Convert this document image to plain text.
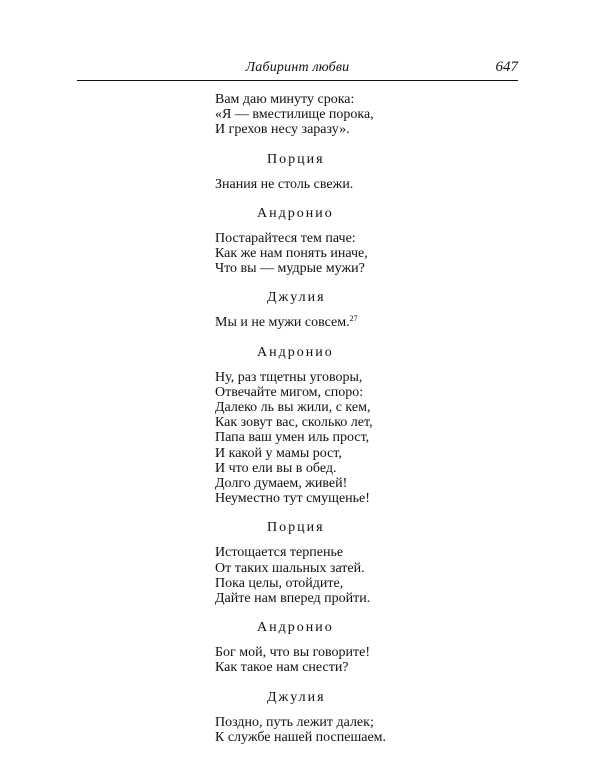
Лабиринт любви	647
Вам даю минуту срока:
«Я — вместилище порока,
И грехов несу заразу».
Порция
Знания не столь свежи.
Андронио
Постарайтеся тем паче:
Как же нам понять иначе,
Что вы — мудрые мужи?
Джулия
Мы и не мужи совсем.$^{27}$
Андронио
Ну, раз тщетны уговоры,
Отвечайте мигом, споро:
Далеко ль вы жили, с кем,
Как зовут вас, сколько лет,
Папа ваш умен иль прост,
И какой у мамы рост,
И что ели вы в обед.
Долго думаем, живей!
Неуместно тут смущенье!
Порция
Истощается терпенье
От таких шальных затей.
Пока целы, отойдите,
Дайте нам вперед пройти.
Андронио
Бог мой, что вы говорите!
Как такое нам снести?
Джулия
Поздно, путь лежит далек;
К службе нашей поспешаем.
